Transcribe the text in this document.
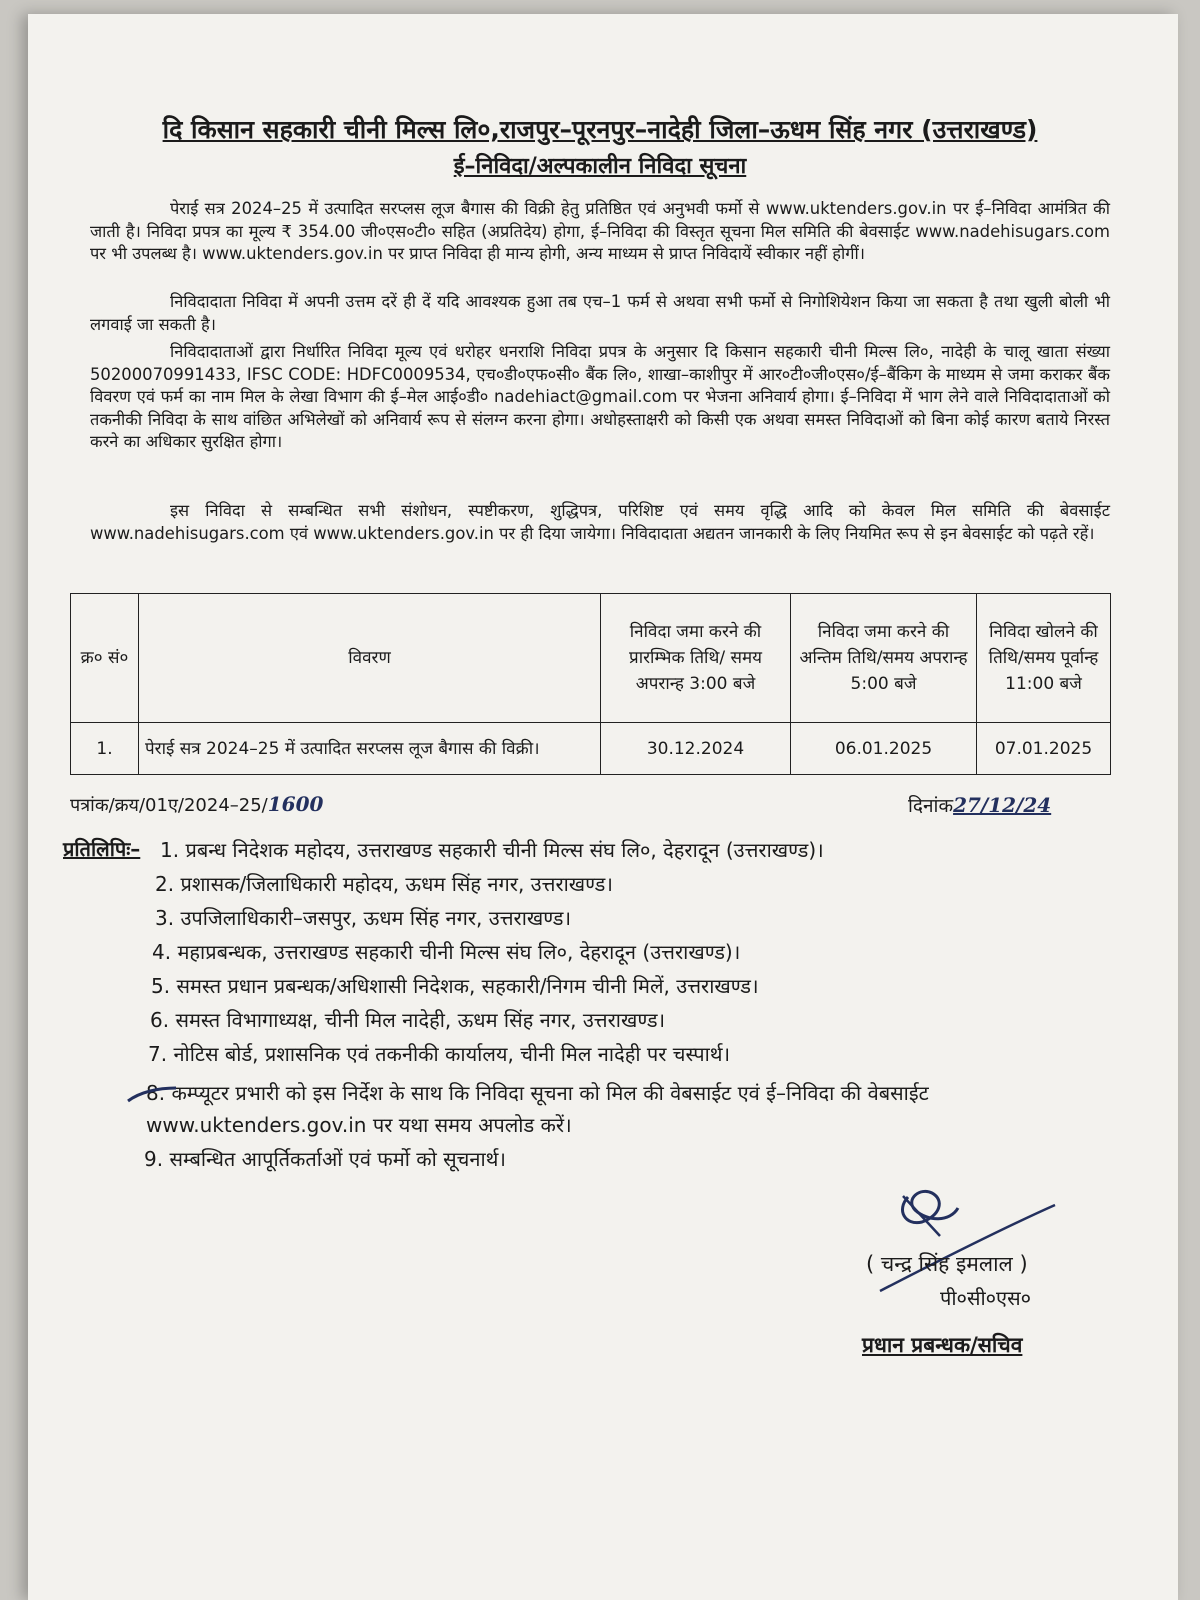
दि किसान सहकारी चीनी मिल्स लि०,राजपुर–पूरनपुर–नादेही जिला–ऊधम सिंह नगर (उत्तराखण्ड)
ई–निविदा/अल्पकालीन निविदा सूचना
पेराई सत्र 2024–25 में उत्पादित सरप्लस लूज बैगास की विक्री हेतु प्रतिष्ठित एवं अनुभवी फर्मो से www.uktenders.gov.in पर ई–निविदा आमंत्रित की जाती है। निविदा प्रपत्र का मूल्य ₹ 354.00 जी०एस०टी० सहित (अप्रतिदेय) होगा, ई–निविदा की विस्तृत सूचना मिल समिति की बेवसाईट www.nadehisugars.com पर भी उपलब्ध है। www.uktenders.gov.in पर प्राप्त निविदा ही मान्य होगी, अन्य माध्यम से प्राप्त निविदायें स्वीकार नहीं होगीं।
निविदादाता निविदा में अपनी उत्तम दरें ही दें यदि आवश्यक हुआ तब एच–1 फर्म से अथवा सभी फर्मो से निगोशियेशन किया जा सकता है तथा खुली बोली भी लगवाई जा सकती है।
निविदादाताओं द्वारा निर्धारित निविदा मूल्य एवं धरोहर धनराशि निविदा प्रपत्र के अनुसार दि किसान सहकारी चीनी मिल्स लि०, नादेही के चालू खाता संख्या 50200070991433, IFSC CODE: HDFC0009534, एच०डी०एफ०सी० बैंक लि०, शाखा–काशीपुर में आर०टी०जी०एस०/ई–बैंकिग के माध्यम से जमा कराकर बैंक विवरण एवं फर्म का नाम मिल के लेखा विभाग की ई–मेल आई०डी० nadehiact@gmail.com पर भेजना अनिवार्य होगा। ई–निविदा में भाग लेने वाले निविदादाताओं को तकनीकी निविदा के साथ वांछित अभिलेखों को अनिवार्य रूप से संलग्न करना होगा। अधोहस्ताक्षरी को किसी एक अथवा समस्त निविदाओं को बिना कोई कारण बताये निरस्त करने का अधिकार सुरक्षित होगा।
इस निविदा से सम्बन्धित सभी संशोधन, स्पष्टीकरण, शुद्धिपत्र, परिशिष्ट एवं समय वृद्धि आदि को केवल मिल समिति की बेवसाईट www.nadehisugars.com एवं www.uktenders.gov.in पर ही दिया जायेगा। निविदादाता अद्यतन जानकारी के लिए नियमित रूप से इन बेवसाईट को पढ़ते रहें।
क्र० सं०	विवरण	निविदा जमा करने की प्रारम्भिक तिथि/ समय अपरान्ह 3:00 बजे	निविदा जमा करने की अन्तिम तिथि/समय अपरान्ह 5:00 बजे	निविदा खोलने की तिथि/समय पूर्वान्ह 11:00 बजे
1.	पेराई सत्र 2024–25 में उत्पादित सरप्लस लूज बैगास की विक्री।	30.12.2024	06.01.2025	07.01.2025
पत्रांक/क्रय/01ए/2024–25/1600	दिनांक27/12/24
प्रतिलिपिः– 1. प्रबन्ध निदेशक महोदय, उत्तराखण्ड सहकारी चीनी मिल्स संघ लि०, देहरादून (उत्तराखण्ड)।
2. प्रशासक/जिलाधिकारी महोदय, ऊधम सिंह नगर, उत्तराखण्ड।
3. उपजिलाधिकारी–जसपुर, ऊधम सिंह नगर, उत्तराखण्ड।
4. महाप्रबन्धक, उत्तराखण्ड सहकारी चीनी मिल्स संघ लि०, देहरादून (उत्तराखण्ड)।
5. समस्त प्रधान प्रबन्धक/अधिशासी निदेशक, सहकारी/निगम चीनी मिलें, उत्तराखण्ड।
6. समस्त विभागाध्यक्ष, चीनी मिल नादेही, ऊधम सिंह नगर, उत्तराखण्ड।
7. नोटिस बोर्ड, प्रशासनिक एवं तकनीकी कार्यालय, चीनी मिल नादेही पर चस्पार्थ।
8. कम्प्यूटर प्रभारी को इस निर्देश के साथ कि निविदा सूचना को मिल की वेबसाईट एवं ई–निविदा की वेबसाईट www.uktenders.gov.in पर यथा समय अपलोड करें।
9. सम्बन्धित आपूर्तिकर्ताओं एवं फर्मो को सूचनार्थ।
( चन्द्र सिंह इमलाल )
पी०सी०एस०
प्रधान प्रबन्धक/सचिव
